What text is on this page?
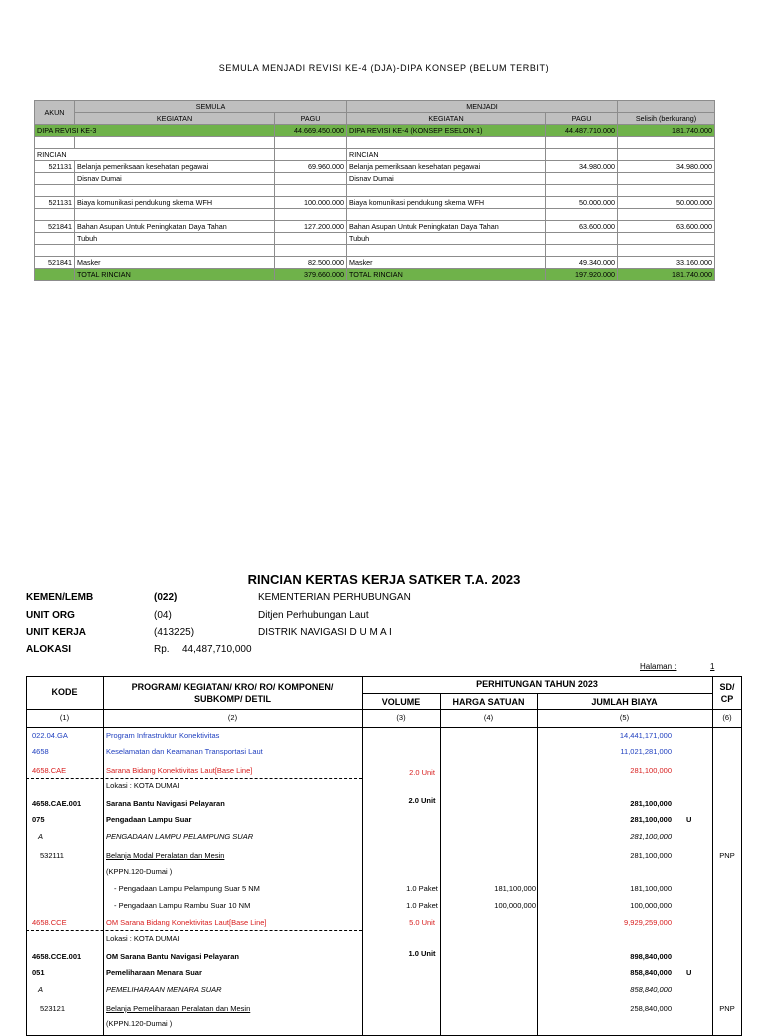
SEMULA MENJADI REVISI KE-4 (DJA)-DIPA KONSEP (BELUM TERBIT)
AKUN	SEMULA		MENJADI		
	KEGIATAN	PAGU	KEGIATAN	PAGU	Selisih (berkurang)
DIPA REVISI KE-3		44.669.450.000	DIPA REVISI KE-4 (KONSEP ESELON-1)	44.487.710.000	181.740.000

RINCIAN			RINCIAN		
521131	Belanja pemeriksaan kesehatan pegawai	69.960.000	Belanja pemeriksaan kesehatan pegawai	34.980.000	34.980.000
	Disnav Dumai		Disnav Dumai		

521131	Biaya komunikasi pendukung skema WFH	100.000.000	Biaya komunikasi pendukung skema WFH	50.000.000	50.000.000

521841	Bahan Asupan Untuk Peningkatan Daya Tahan	127.200.000	Bahan Asupan Untuk Peningkatan Daya Tahan	63.600.000	63.600.000
	Tubuh		Tubuh		

521841	Masker	82.500.000	Masker	49.340.000	33.160.000
	TOTAL RINCIAN	379.660.000	TOTAL RINCIAN	197.920.000	181.740.000
RINCIAN KERTAS KERJA SATKER T.A. 2023
KEMEN/LEMB	(022)	KEMENTERIAN PERHUBUNGAN
UNIT ORG	(04)	Ditjen Perhubungan Laut
UNIT KERJA	(413225)	DISTRIK NAVIGASI D U M A I
ALOKASI	Rp. 44,487,710,000
Halaman :	1
KODE	PROGRAM/ KEGIATAN/ KRO/ RO/ KOMPONEN/
SUBKOMP/ DETIL
PERHITUNGAN TAHUN 2023
VOLUME	HARGA SATUAN	JUMLAH BIAYA
SD/
CP
(1)	(2)	(3)	(4)	(5)	(6)
022.04.GA	Program Infrastruktur Konektivitas	14,441,171,000
4658	Keselamatan dan Keamanan Transportasi Laut	11,021,281,000
4658.CAE	Sarana Bidang Konektivitas Laut[Base Line]	2.0 Unit	281,100,000
Lokasi : KOTA DUMAI
4658.CAE.001	Sarana Bantu Navigasi Pelayaran	2.0 Unit	281,100,000
075	Pengadaan Lampu Suar	281,100,000 U
A	PENGADAAN LAMPU PELAMPUNG SUAR	281,100,000
532111	Belanja Modal Peralatan dan Mesin	281,100,000	PNP
(KPPN.120-Dumai )
- Pengadaan Lampu Pelampung Suar 5 NM	1.0 Paket	181,100,000	181,100,000
- Pengadaan Lampu Rambu Suar 10 NM	1.0 Paket	100,000,000	100,000,000
4658.CCE	OM Sarana Bidang Konektivitas Laut[Base Line]	5.0 Unit	9,929,259,000
Lokasi : KOTA DUMAI
4658.CCE.001	OM Sarana Bantu Navigasi Pelayaran	1.0 Unit	898,840,000
051	Pemeliharaan Menara Suar	858,840,000 U
A	PEMELIHARAAN MENARA SUAR	858,840,000
523121	Belanja Pemeliharaan Peralatan dan Mesin	258,840,000	PNP
(KPPN.120-Dumai )
